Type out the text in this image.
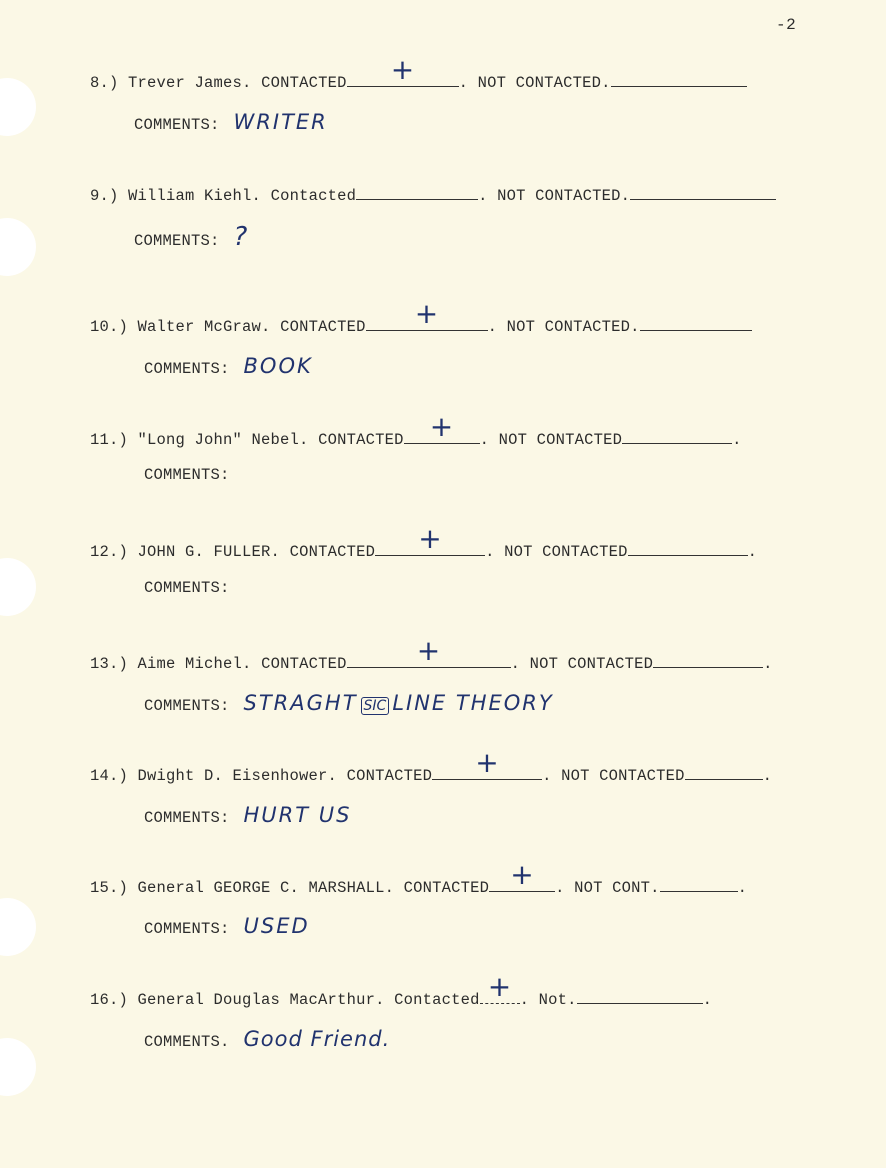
-2
8.)
Trever James.
CONTACTED	+	. NOT CONTACTED.
COMMENTS: WRITER
9.)
William Kiehl.
Contacted	. NOT CONTACTED.
COMMENTS: ?
10.)
Walter McGraw.
CONTACTED	+	. NOT CONTACTED.
COMMENTS: BOOK
11.)
"Long John" Nebel.
CONTACTED +	. NOT CONTACTED	.
COMMENTS:
12.)
JOHN G. FULLER.
CONTACTED	+	. NOT CONTACTED	.
COMMENTS:
13.)
Aime Michel.
CONTACTED	+	. NOT CONTACTED	.
COMMENTS: STRAGHT SIC LINE THEORY
14.)
Dwight D. Eisenhower.
CONTACTED	+	. NOT CONTACTED	.
COMMENTS: HURT US
15.)
General GEORGE C. MARSHALL.
CONTACTED +	. NOT CONT.	.
COMMENTS: USED
16.)
General Douglas MacArthur.
Contacted + . Not.	.
COMMENTS. Good Friend.
